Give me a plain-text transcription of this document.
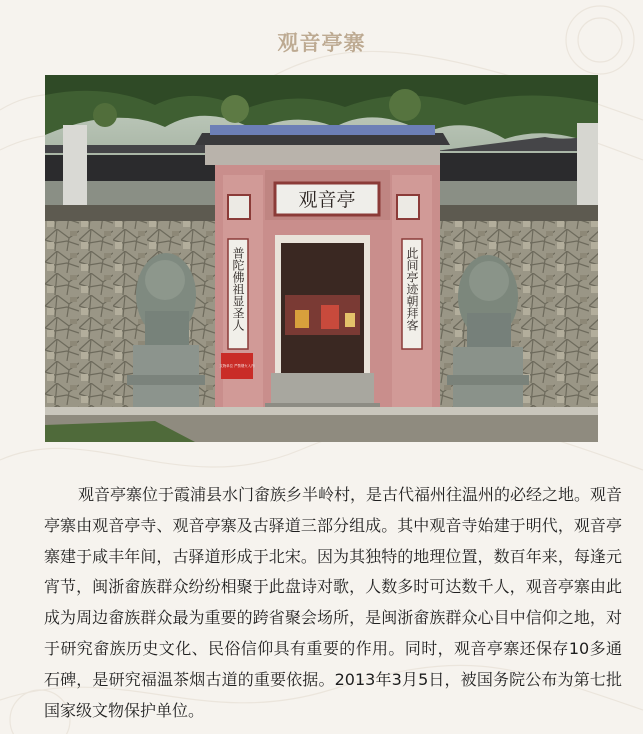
观音亭寨
观音亭
普陀佛祖显圣人	此间亭迹朝拜客
文物单位 严禁烟火入内

观音亭寨位于霞浦县水门畲族乡半岭村，是古代福州往温州的必经之地。观音亭寨由观音亭寺、观音亭寨及古驿道三部分组成。其中观音寺始建于明代，观音亭寨建于咸丰年间，古驿道形成于北宋。因为其独特的地理位置，数百年来，每逢元宵节，闽浙畲族群众纷纷相聚于此盘诗对歌，人数多时可达数千人，观音亭寨由此成为周边畲族群众最为重要的跨省聚会场所，是闽浙畲族群众心目中信仰之地，对于研究畲族历史文化、民俗信仰具有重要的作用。同时，观音亭寨还保存10多通石碑，是研究福温茶烟古道的重要依据。2013年3月5日，被国务院公布为第七批国家级文物保护单位。
